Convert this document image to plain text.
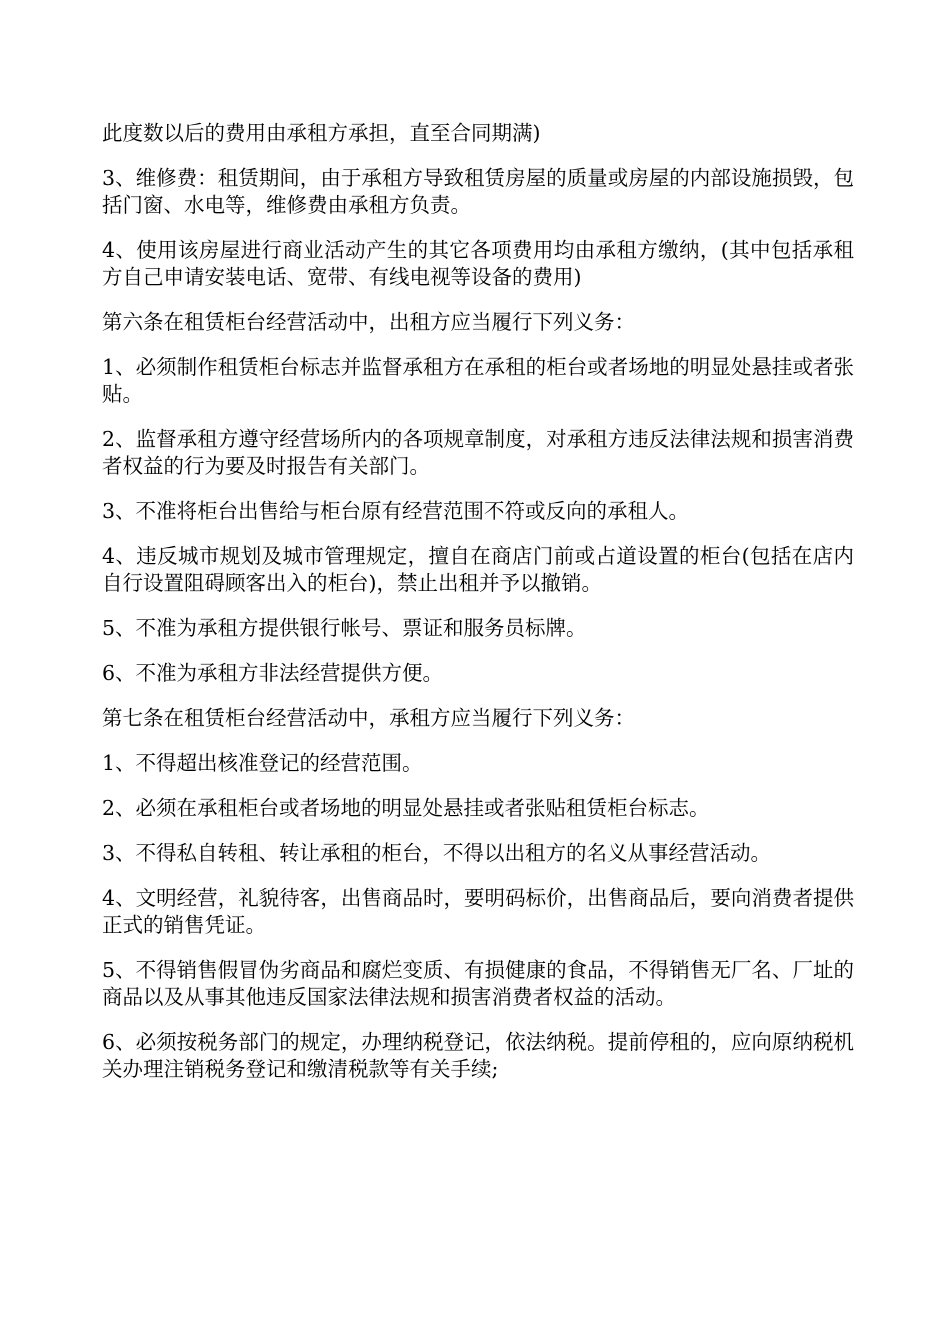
此度数以后的费用由承租方承担，直至合同期满)

3、维修费：租赁期间，由于承租方导致租赁房屋的质量或房屋的内部设施损毁，包括门窗、水电等，维修费由承租方负责。

4、使用该房屋进行商业活动产生的其它各项费用均由承租方缴纳，(其中包括承租方自己申请安装电话、宽带、有线电视等设备的费用)

第六条在租赁柜台经营活动中，出租方应当履行下列义务：

1、必须制作租赁柜台标志并监督承租方在承租的柜台或者场地的明显处悬挂或者张贴。

2、监督承租方遵守经营场所内的各项规章制度，对承租方违反法律法规和损害消费者权益的行为要及时报告有关部门。

3、不准将柜台出售给与柜台原有经营范围不符或反向的承租人。

4、违反城市规划及城市管理规定，擅自在商店门前或占道设置的柜台(包括在店内自行设置阻碍顾客出入的柜台)，禁止出租并予以撤销。

5、不准为承租方提供银行帐号、票证和服务员标牌。

6、不准为承租方非法经营提供方便。

第七条在租赁柜台经营活动中，承租方应当履行下列义务：

1、不得超出核准登记的经营范围。

2、必须在承租柜台或者场地的明显处悬挂或者张贴租赁柜台标志。

3、不得私自转租、转让承租的柜台，不得以出租方的名义从事经营活动。

4、文明经营，礼貌待客，出售商品时，要明码标价，出售商品后，要向消费者提供正式的销售凭证。

5、不得销售假冒伪劣商品和腐烂变质、有损健康的食品，不得销售无厂名、厂址的商品以及从事其他违反国家法律法规和损害消费者权益的活动。

6、必须按税务部门的规定，办理纳税登记，依法纳税。提前停租的，应向原纳税机关办理注销税务登记和缴清税款等有关手续;
